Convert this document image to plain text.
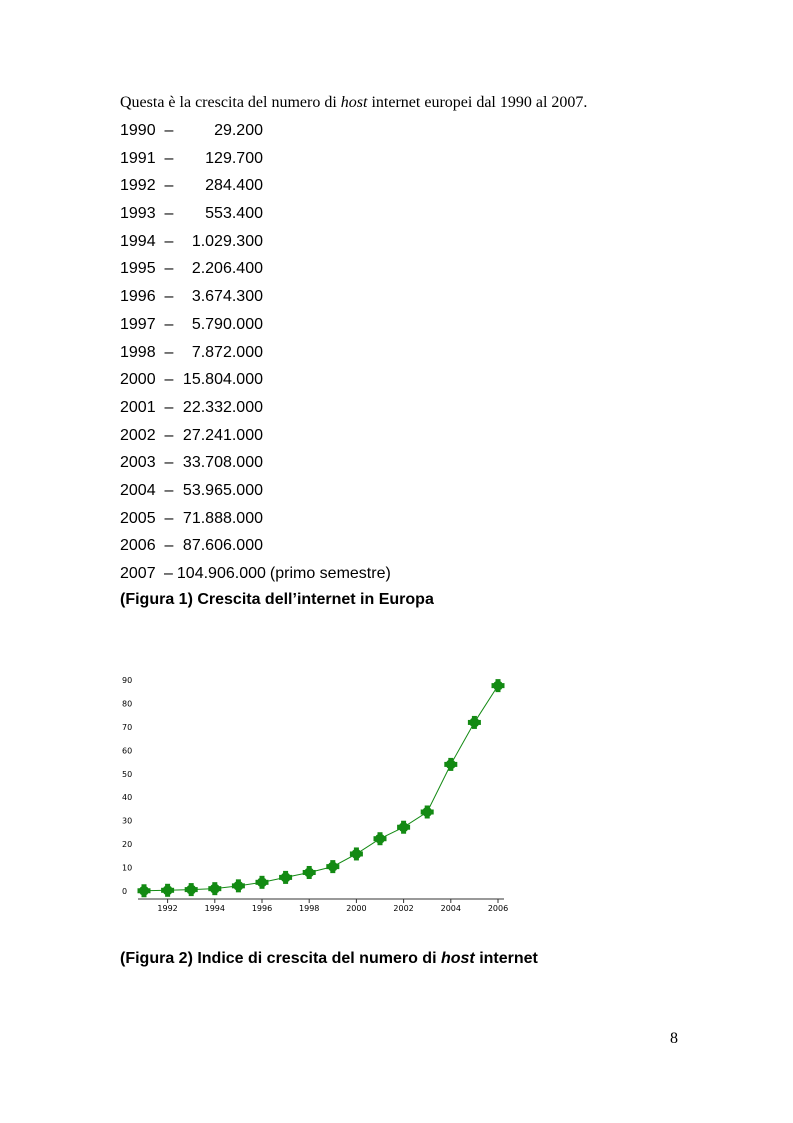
Questa è la crescita del numero di host internet europei dal 1990 al 2007.
1990 –	29.200
1991 – 129.700
1992 – 284.400
1993 – 553.400
1994 – 1.029.300
1995 – 2.206.400
1996 – 3.674.300
1997 – 5.790.000
1998 – 7.872.000
2000 – 15.804.000
2001 – 22.332.000
2002 – 27.241.000
2003 – 33.708.000
2004 – 53.965.000
2005 – 71.888.000
2006 – 87.606.000
2007 – 104.906.000 (primo semestre)
(Figura 1) Crescita dell’internet in Europa
0
10
20
30
40
50
60
70
80
90
1992	1994	1996	1998	2000	2002	2004	2006
(Figura 2) Indice di crescita del numero di host internet
8
